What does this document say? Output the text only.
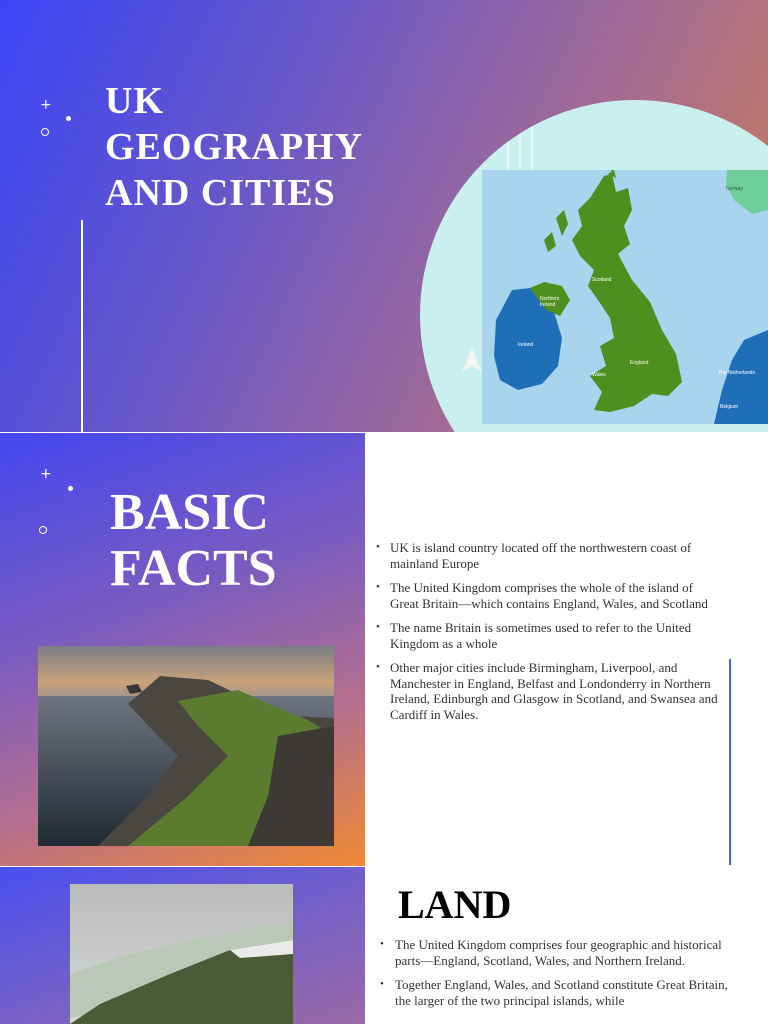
+ UK GEOGRAPHY AND CITIES
Scotland
Northern Ireland
Ireland
England
Wales
Norway
The Netherlands
Belgium
+
BASIC FACTS
•	UK is island country located off the northwestern coast of mainland Europe
• The United Kingdom comprises the whole of the island of Great Britain—which contains England, Wales, and Scotland
• The name Britain is sometimes used to refer to the United Kingdom as a whole
• Other major cities include Birmingham, Liverpool, and Manchester in England, Belfast and Londonderry in Northern Ireland, Edinburgh and Glasgow in Scotland, and Swansea and Cardiff in Wales.
LAND
• The United Kingdom comprises four geographic and historical parts—England, Scotland, Wales, and Northern Ireland.
• Together England, Wales, and Scotland constitute Great Britain, the larger of the two principal islands, while
